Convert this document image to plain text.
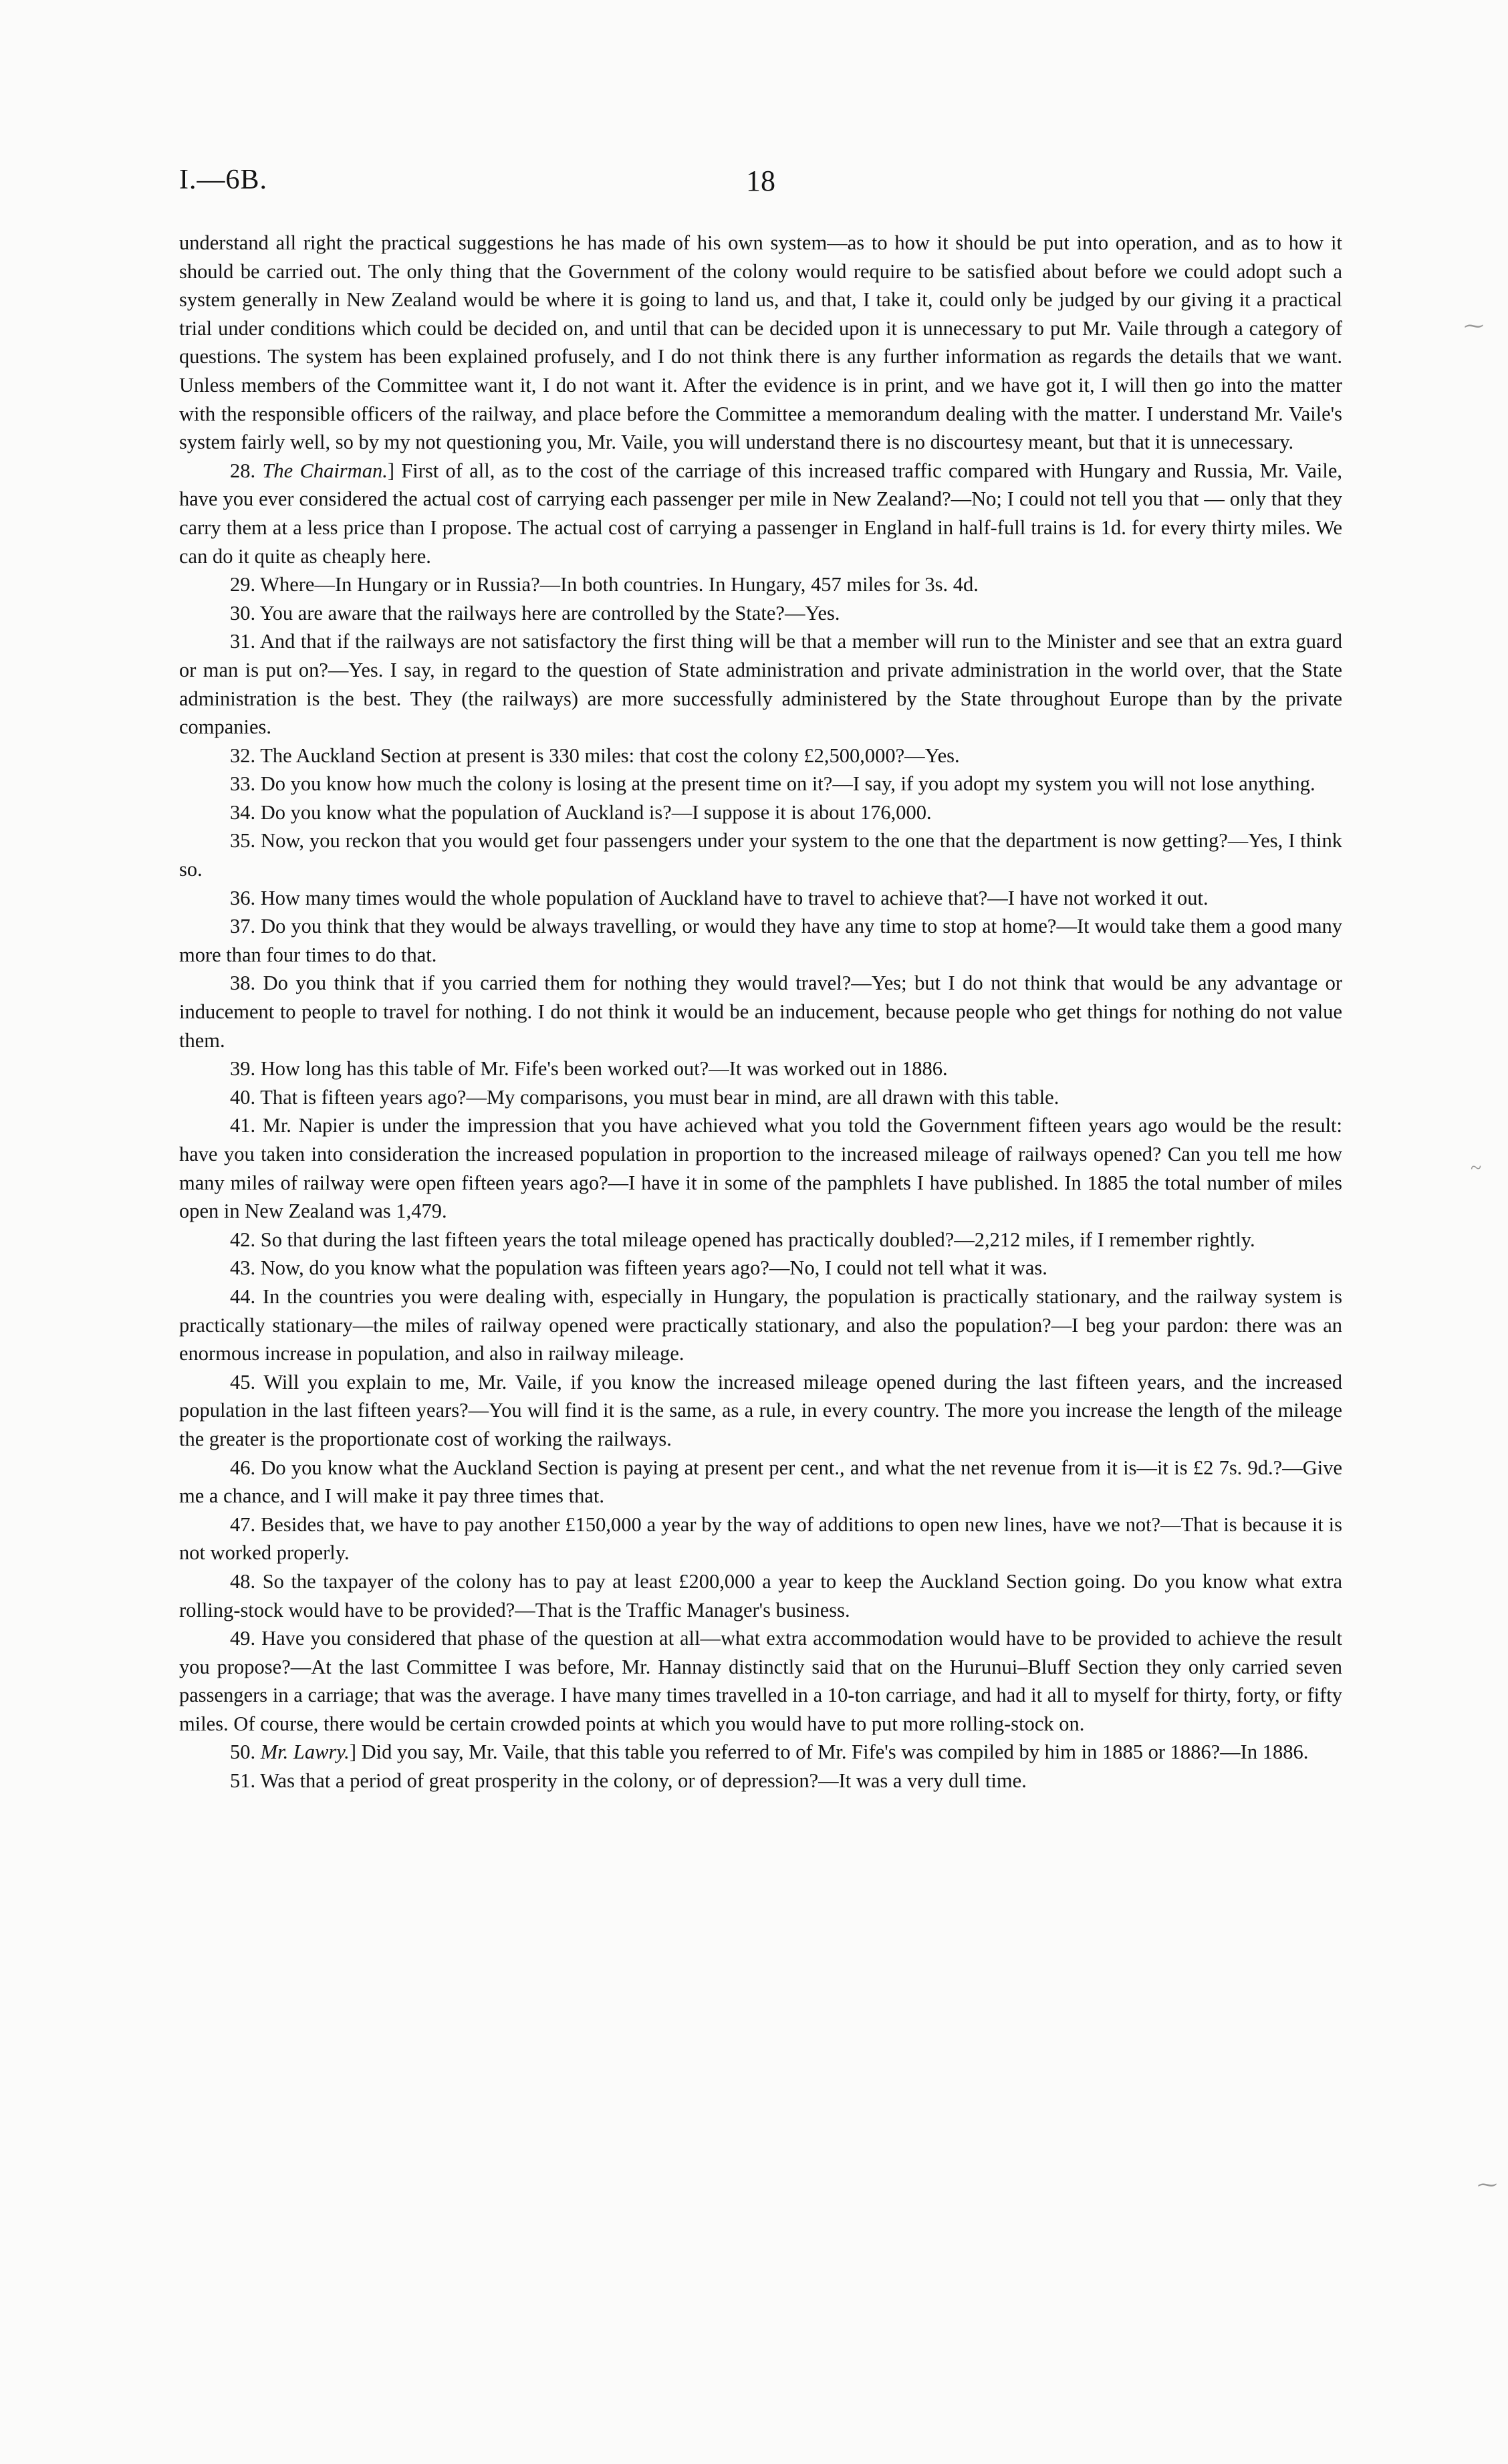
I.—6B.	18

understand all right the practical suggestions he has made of his own system—as to how it should be put into operation, and as to how it should be carried out. The only thing that the Government of the colony would require to be satisfied about before we could adopt such a system generally in New Zealand would be where it is going to land us, and that, I take it, could only be judged by our giving it a practical trial under conditions which could be decided on, and until that can be decided upon it is unnecessary to put Mr. Vaile through a category of questions. The system has been explained profusely, and I do not think there is any further information as regards the details that we want. Unless members of the Committee want it, I do not want it. After the evidence is in print, and we have got it, I will then go into the matter with the responsible officers of the railway, and place before the Committee a memorandum dealing with the matter. I understand Mr. Vaile's system fairly well, so by my not questioning you, Mr. Vaile, you will understand there is no discourtesy meant, but that it is unnecessary.

28. The Chairman.] First of all, as to the cost of the carriage of this increased traffic compared with Hungary and Russia, Mr. Vaile, have you ever considered the actual cost of carrying each passenger per mile in New Zealand?—No; I could not tell you that — only that they carry them at a less price than I propose. The actual cost of carrying a passenger in England in half-full trains is 1d. for every thirty miles. We can do it quite as cheaply here.

29. Where—In Hungary or in Russia?—In both countries. In Hungary, 457 miles for 3s. 4d.

30. You are aware that the railways here are controlled by the State?—Yes.

31. And that if the railways are not satisfactory the first thing will be that a member will run to the Minister and see that an extra guard or man is put on?—Yes. I say, in regard to the question of State administration and private administration in the world over, that the State administration is the best. They (the railways) are more successfully administered by the State throughout Europe than by the private companies.

32. The Auckland Section at present is 330 miles: that cost the colony £2,500,000?—Yes.

33. Do you know how much the colony is losing at the present time on it?—I say, if you adopt my system you will not lose anything.

34. Do you know what the population of Auckland is?—I suppose it is about 176,000.

35. Now, you reckon that you would get four passengers under your system to the one that the department is now getting?—Yes, I think so.

36. How many times would the whole population of Auckland have to travel to achieve that?—I have not worked it out.

37. Do you think that they would be always travelling, or would they have any time to stop at home?—It would take them a good many more than four times to do that.

38. Do you think that if you carried them for nothing they would travel?—Yes; but I do not think that would be any advantage or inducement to people to travel for nothing. I do not think it would be an inducement, because people who get things for nothing do not value them.

39. How long has this table of Mr. Fife's been worked out?—It was worked out in 1886.

40. That is fifteen years ago?—My comparisons, you must bear in mind, are all drawn with this table.

41. Mr. Napier is under the impression that you have achieved what you told the Government fifteen years ago would be the result: have you taken into consideration the increased population in proportion to the increased mileage of railways opened? Can you tell me how many miles of railway were open fifteen years ago?—I have it in some of the pamphlets I have published. In 1885 the total number of miles open in New Zealand was 1,479.

42. So that during the last fifteen years the total mileage opened has practically doubled?—2,212 miles, if I remember rightly.

43. Now, do you know what the population was fifteen years ago?—No, I could not tell what it was.

44. In the countries you were dealing with, especially in Hungary, the population is practically stationary, and the railway system is practically stationary—the miles of railway opened were practically stationary, and also the population?—I beg your pardon: there was an enormous increase in population, and also in railway mileage.

45. Will you explain to me, Mr. Vaile, if you know the increased mileage opened during the last fifteen years, and the increased population in the last fifteen years?—You will find it is the same, as a rule, in every country. The more you increase the length of the mileage the greater is the proportionate cost of working the railways.

46. Do you know what the Auckland Section is paying at present per cent., and what the net revenue from it is—it is £2 7s. 9d.?—Give me a chance, and I will make it pay three times that.

47. Besides that, we have to pay another £150,000 a year by the way of additions to open new lines, have we not?—That is because it is not worked properly.

48. So the taxpayer of the colony has to pay at least £200,000 a year to keep the Auckland Section going. Do you know what extra rolling-stock would have to be provided?—That is the Traffic Manager's business.

49. Have you considered that phase of the question at all—what extra accommodation would have to be provided to achieve the result you propose?—At the last Committee I was before, Mr. Hannay distinctly said that on the Hurunui–Bluff Section they only carried seven passengers in a carriage; that was the average. I have many times travelled in a 10-ton carriage, and had it all to myself for thirty, forty, or fifty miles. Of course, there would be certain crowded points at which you would have to put more rolling-stock on.

50. Mr. Lawry.] Did you say, Mr. Vaile, that this table you referred to of Mr. Fife's was compiled by him in 1885 or 1886?—In 1886.

51. Was that a period of great prosperity in the colony, or of depression?—It was a very dull time.

⁓
~
⁓
